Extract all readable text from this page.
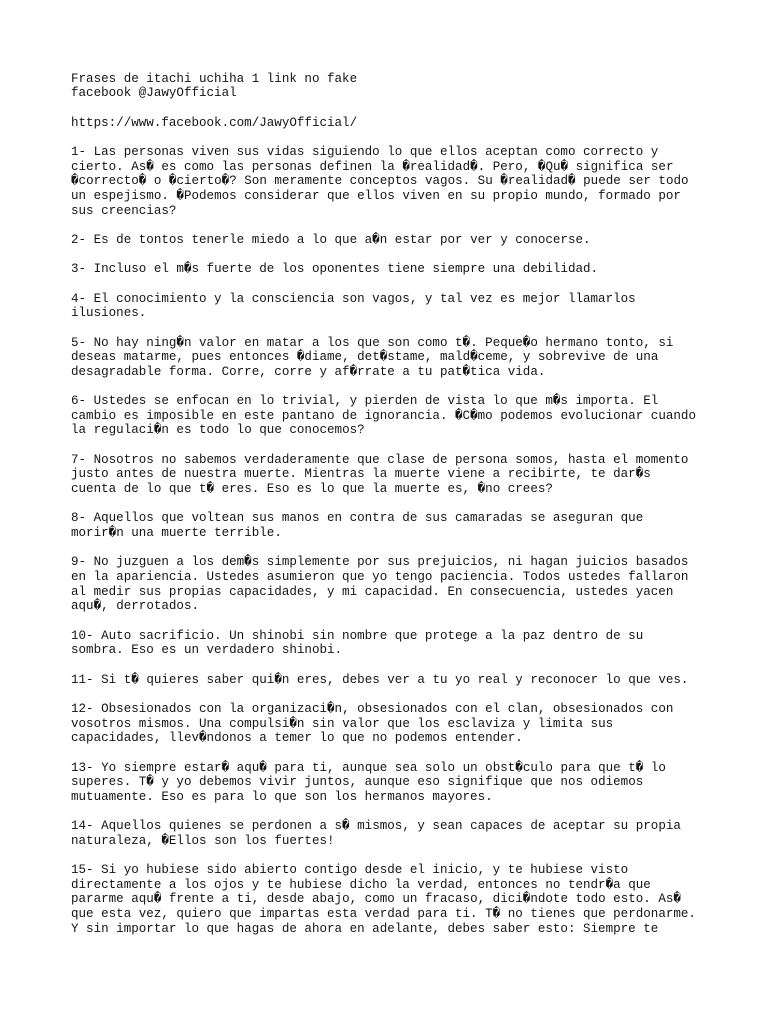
Frases de itachi uchiha 1 link no fake
facebook @JawyOfficial
https://www.facebook.com/JawyOfficial/
1- Las personas viven sus vidas siguiendo lo que ellos aceptan como correcto y
cierto. As� es como las personas definen la �realidad�. Pero, �Qu� significa ser
�correcto� o �cierto�? Son meramente conceptos vagos. Su �realidad� puede ser todo
un espejismo. �Podemos considerar que ellos viven en su propio mundo, formado por
sus creencias?
2- Es de tontos tenerle miedo a lo que a�n estar por ver y conocerse.
3- Incluso el m�s fuerte de los oponentes tiene siempre una debilidad.
4- El conocimiento y la consciencia son vagos, y tal vez es mejor llamarlos
ilusiones.
5- No hay ning�n valor en matar a los que son como t�. Peque�o hermano tonto, si
deseas matarme, pues entonces �diame, det�stame, mald�ceme, y sobrevive de una
desagradable forma. Corre, corre y af�rrate a tu pat�tica vida.
6- Ustedes se enfocan en lo trivial, y pierden de vista lo que m�s importa. El
cambio es imposible en este pantano de ignorancia. �C�mo podemos evolucionar cuando
la regulaci�n es todo lo que conocemos?
7- Nosotros no sabemos verdaderamente que clase de persona somos, hasta el momento
justo antes de nuestra muerte. Mientras la muerte viene a recibirte, te dar�s
cuenta de lo que t� eres. Eso es lo que la muerte es, �no crees?
8- Aquellos que voltean sus manos en contra de sus camaradas se aseguran que
morir�n una muerte terrible.
9- No juzguen a los dem�s simplemente por sus prejuicios, ni hagan juicios basados
en la apariencia. Ustedes asumieron que yo tengo paciencia. Todos ustedes fallaron
al medir sus propias capacidades, y mi capacidad. En consecuencia, ustedes yacen
aqu�, derrotados.
10- Auto sacrificio. Un shinobi sin nombre que protege a la paz dentro de su
sombra. Eso es un verdadero shinobi.
11- Si t� quieres saber qui�n eres, debes ver a tu yo real y reconocer lo que ves.
12- Obsesionados con la organizaci�n, obsesionados con el clan, obsesionados con
vosotros mismos. Una compulsi�n sin valor que los esclaviza y limita sus
capacidades, llev�ndonos a temer lo que no podemos entender.
13- Yo siempre estar� aqu� para ti, aunque sea solo un obst�culo para que t� lo
superes. T� y yo debemos vivir juntos, aunque eso signifique que nos odiemos
mutuamente. Eso es para lo que son los hermanos mayores.
14- Aquellos quienes se perdonen a s� mismos, y sean capaces de aceptar su propia
naturaleza, �Ellos son los fuertes!
15- Si yo hubiese sido abierto contigo desde el inicio, y te hubiese visto
directamente a los ojos y te hubiese dicho la verdad, entonces no tendr�a que
pararme aqu� frente a ti, desde abajo, como un fracaso, dici�ndote todo esto. As�
que esta vez, quiero que impartas esta verdad para ti. T� no tienes que perdonarme.
Y sin importar lo que hagas de ahora en adelante, debes saber esto: Siempre te
